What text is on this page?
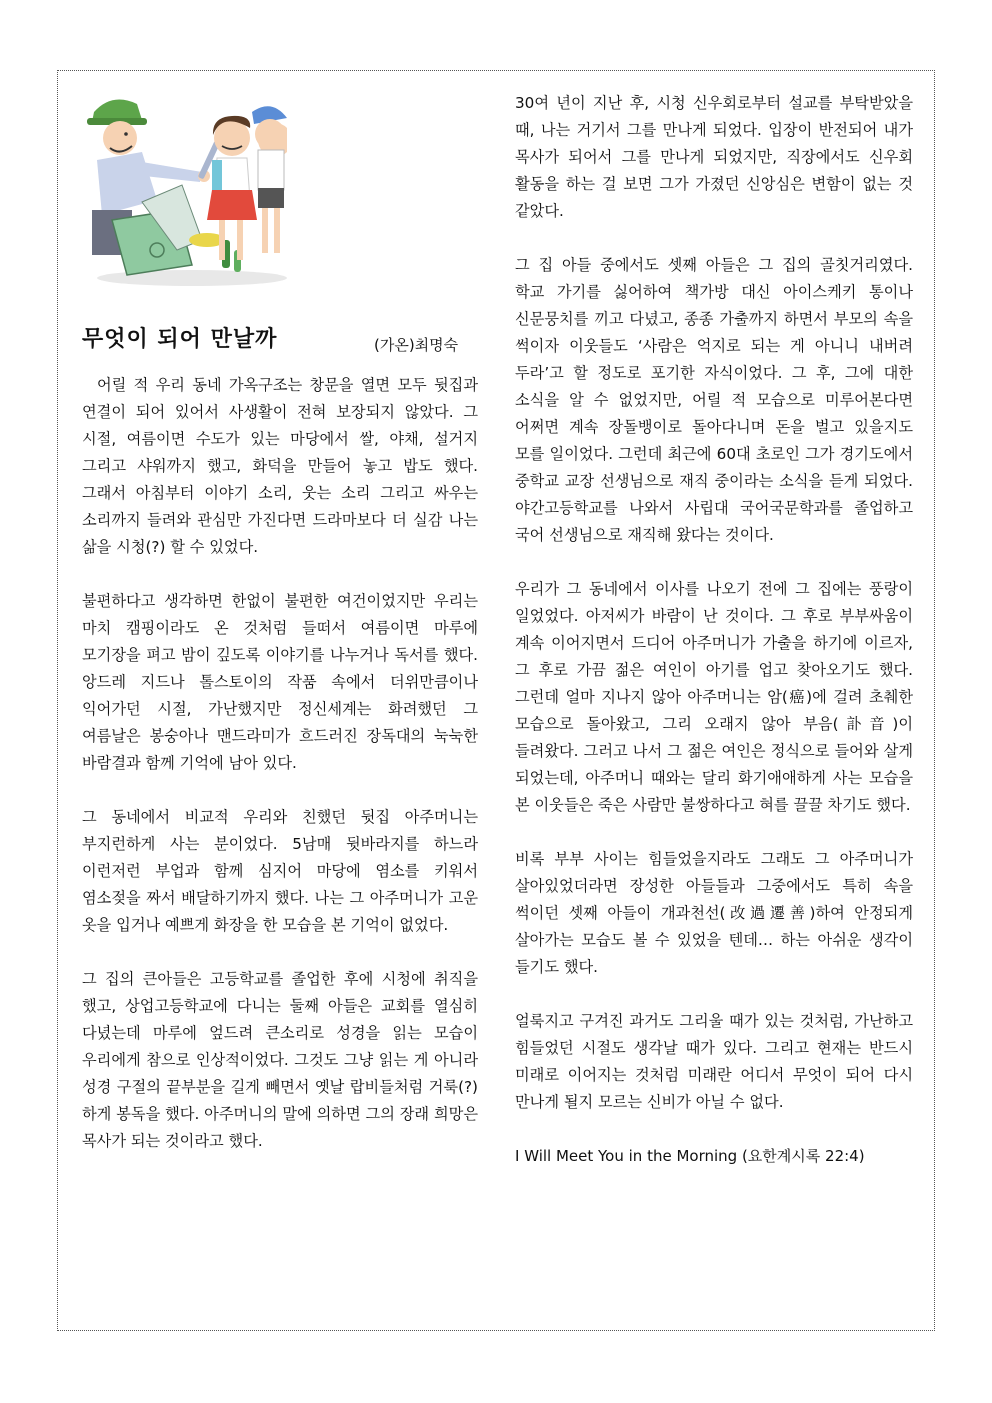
무엇이 되어 만날까	(가온)최명숙

어릴 적 우리 동네 가옥구조는 창문을 열면 모두 뒷집과 연결이 되어 있어서 사생활이 전혀 보장되지 않았다. 그 시절, 여름이면 수도가 있는 마당에서 쌀, 야채, 설거지 그리고 샤워까지 했고, 화덕을 만들어 놓고 밥도 했다. 그래서 아침부터 이야기 소리, 웃는 소리 그리고 싸우는 소리까지 들려와 관심만 가진다면 드라마보다 더 실감 나는 삶을 시청(?) 할 수 있었다.

불편하다고 생각하면 한없이 불편한 여건이었지만 우리는 마치 캠핑이라도 온 것처럼 들떠서 여름이면 마루에 모기장을 펴고 밤이 깊도록 이야기를 나누거나 독서를 했다. 앙드레 지드나 톨스토이의 작품 속에서 더위만큼이나 익어가던 시절, 가난했지만 정신세계는 화려했던 그 여름날은 봉숭아나 맨드라미가 흐드러진 장독대의 눅눅한 바람결과 함께 기억에 남아 있다.

그 동네에서 비교적 우리와 친했던 뒷집 아주머니는 부지런하게 사는 분이었다. 5남매 뒷바라지를 하느라 이런저런 부업과 함께 심지어 마당에 염소를 키워서 염소젖을 짜서 배달하기까지 했다. 나는 그 아주머니가 고운 옷을 입거나 예쁘게 화장을 한 모습을 본 기억이 없었다.

그 집의 큰아들은 고등학교를 졸업한 후에 시청에 취직을 했고, 상업고등학교에 다니는 둘째 아들은 교회를 열심히 다녔는데 마루에 엎드려 큰소리로 성경을 읽는 모습이 우리에게 참으로 인상적이었다. 그것도 그냥 읽는 게 아니라 성경 구절의 끝부분을 길게 빼면서 옛날 랍비들처럼 거룩(?)하게 봉독을 했다. 아주머니의 말에 의하면 그의 장래 희망은 목사가 되는 것이라고 했다.

30여 년이 지난 후, 시청 신우회로부터 설교를 부탁받았을 때, 나는 거기서 그를 만나게 되었다. 입장이 반전되어 내가 목사가 되어서 그를 만나게 되었지만, 직장에서도 신우회 활동을 하는 걸 보면 그가 가졌던 신앙심은 변함이 없는 것 같았다.

그 집 아들 중에서도 셋째 아들은 그 집의 골칫거리였다. 학교 가기를 싫어하여 책가방 대신 아이스케키 통이나 신문뭉치를 끼고 다녔고, 종종 가출까지 하면서 부모의 속을 썩이자 이웃들도 ‘사람은 억지로 되는 게 아니니 내버려 두라’고 할 정도로 포기한 자식이었다. 그 후, 그에 대한 소식을 알 수 없었지만, 어릴 적 모습으로 미루어본다면 어쩌면 계속 장돌뱅이로 돌아다니며 돈을 벌고 있을지도 모를 일이었다. 그런데 최근에 60대 초로인 그가 경기도에서 중학교 교장 선생님으로 재직 중이라는 소식을 듣게 되었다. 야간고등학교를 나와서 사립대 국어국문학과를 졸업하고 국어 선생님으로 재직해 왔다는 것이다.

우리가 그 동네에서 이사를 나오기 전에 그 집에는 풍랑이 일었었다. 아저씨가 바람이 난 것이다. 그 후로 부부싸움이 계속 이어지면서 드디어 아주머니가 가출을 하기에 이르자, 그 후로 가끔 젊은 여인이 아기를 업고 찾아오기도 했다. 그런데 얼마 지나지 않아 아주머니는 암(癌)에 걸려 초췌한 모습으로 돌아왔고, 그리 오래지 않아 부음(訃音)이 들려왔다. 그러고 나서 그 젊은 여인은 정식으로 들어와 살게 되었는데, 아주머니 때와는 달리 화기애애하게 사는 모습을 본 이웃들은 죽은 사람만 불쌍하다고 혀를 끌끌 차기도 했다.

비록 부부 사이는 힘들었을지라도 그래도 그 아주머니가 살아있었더라면 장성한 아들들과 그중에서도 특히 속을 썩이던 셋째 아들이 개과천선(改過遷善)하여 안정되게 살아가는 모습도 볼 수 있었을 텐데… 하는 아쉬운 생각이 들기도 했다.

얼룩지고 구겨진 과거도 그리울 때가 있는 것처럼, 가난하고 힘들었던 시절도 생각날 때가 있다. 그리고 현재는 반드시 미래로 이어지는 것처럼 미래란 어디서 무엇이 되어 다시 만나게 될지 모르는 신비가 아닐 수 없다.

I Will Meet You in the Morning (요한계시록 22:4)
